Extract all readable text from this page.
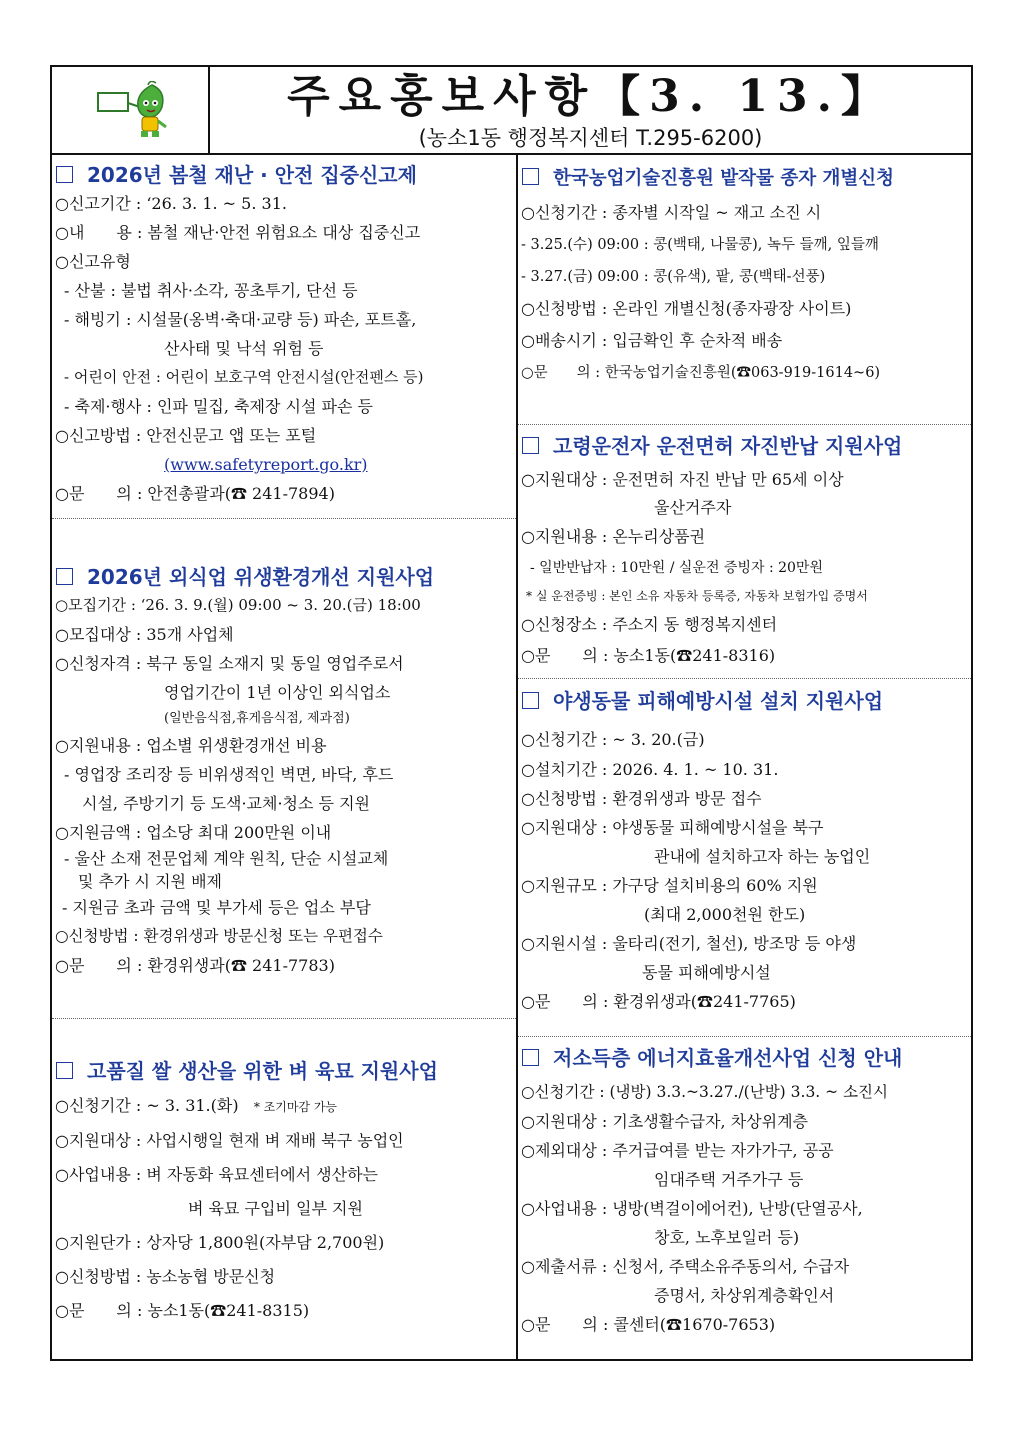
주요홍보사항【3. 13.】
(농소1동 행정복지센터 T.295-6200)
2026년 봄철 재난 · 안전 집중신고제
○신고기간 : ‘26. 3. 1. ~ 5. 31.
○내　　용 : 봄철 재난·안전 위험요소 대상 집중신고
○신고유형
- 산불 : 불법 취사·소각, 꽁초투기, 단선 등
- 해빙기 : 시설물(옹벽·축대·교량 등) 파손, 포트홀,
산사태 및 낙석 위험 등
- 어린이 안전 : 어린이 보호구역 안전시설(안전펜스 등)
- 축제·행사 : 인파 밀집, 축제장 시설 파손 등
○신고방법 : 안전신문고 앱 또는 포털
(www.safetyreport.go.kr)
○문　　의 : 안전총괄과(☎ 241-7894)
2026년 외식업 위생환경개선 지원사업
○모집기간 : ‘26. 3. 9.(월) 09:00 ~ 3. 20.(금) 18:00
○모집대상 : 35개 사업체
○신청자격 : 북구 동일 소재지 및 동일 영업주로서
영업기간이 1년 이상인 외식업소
(일반음식점,휴게음식점, 제과점)
○지원내용 : 업소별 위생환경개선 비용
- 영업장 조리장 등 비위생적인 벽면, 바닥, 후드
시설, 주방기기 등 도색·교체·청소 등 지원
○지원금액 : 업소당 최대 200만원 이내
- 울산 소재 전문업체 계약 원칙, 단순 시설교체
및 추가 시 지원 배제
- 지원금 초과 금액 및 부가세 등은 업소 부담
○신청방법 : 환경위생과 방문신청 또는 우편접수
○문　　의 : 환경위생과(☎ 241-7783)
고품질 쌀 생산을 위한 벼 육묘 지원사업
○신청기간 : ~ 3. 31.(화) * 조기마감 가능
○지원대상 : 사업시행일 현재 벼 재배 북구 농업인
○사업내용 : 벼 자동화 육묘센터에서 생산하는
벼 육묘 구입비 일부 지원
○지원단가 : 상자당 1,800원(자부담 2,700원)
○신청방법 : 농소농협 방문신청
○문　　의 : 농소1동(☎241-8315)
한국농업기술진흥원 밭작물 종자 개별신청
○신청기간 : 종자별 시작일 ~ 재고 소진 시
- 3.25.(수) 09:00 : 콩(백태, 나물콩), 녹두 들깨, 잎들깨
- 3.27.(금) 09:00 : 콩(유색), 팥, 콩(백태-선풍)
○신청방법 : 온라인 개별신청(종자광장 사이트)
○배송시기 : 입금확인 후 순차적 배송
○문　　의 : 한국농업기술진흥원(☎063-919-1614~6)
고령운전자 운전면허 자진반납 지원사업
○지원대상 : 운전면허 자진 반납 만 65세 이상
울산거주자
○지원내용 : 온누리상품권
- 일반반납자 : 10만원 / 실운전 증빙자 : 20만원
* 실 운전증빙 : 본인 소유 자동차 등록증, 자동차 보험가입 증명서
○신청장소 : 주소지 동 행정복지센터
○문　　의 : 농소1동(☎241-8316)
야생동물 피해예방시설 설치 지원사업
○신청기간 : ~ 3. 20.(금)
○설치기간 : 2026. 4. 1. ~ 10. 31.
○신청방법 : 환경위생과 방문 접수
○지원대상 : 야생동물 피해예방시설을 북구
관내에 설치하고자 하는 농업인
○지원규모 : 가구당 설치비용의 60% 지원
(최대 2,000천원 한도)
○지원시설 : 울타리(전기, 철선), 방조망 등 야생
동물 피해예방시설
○문　　의 : 환경위생과(☎241-7765)
저소득층 에너지효율개선사업 신청 안내
○신청기간 : (냉방) 3.3.~3.27./(난방) 3.3. ~ 소진시
○지원대상 : 기초생활수급자, 차상위계층
○제외대상 : 주거급여를 받는 자가가구, 공공
임대주택 거주가구 등
○사업내용 : 냉방(벽걸이에어컨), 난방(단열공사,
창호, 노후보일러 등)
○제출서류 : 신청서, 주택소유주동의서, 수급자
증명서, 차상위계층확인서
○문　　의 : 콜센터(☎1670-7653)
